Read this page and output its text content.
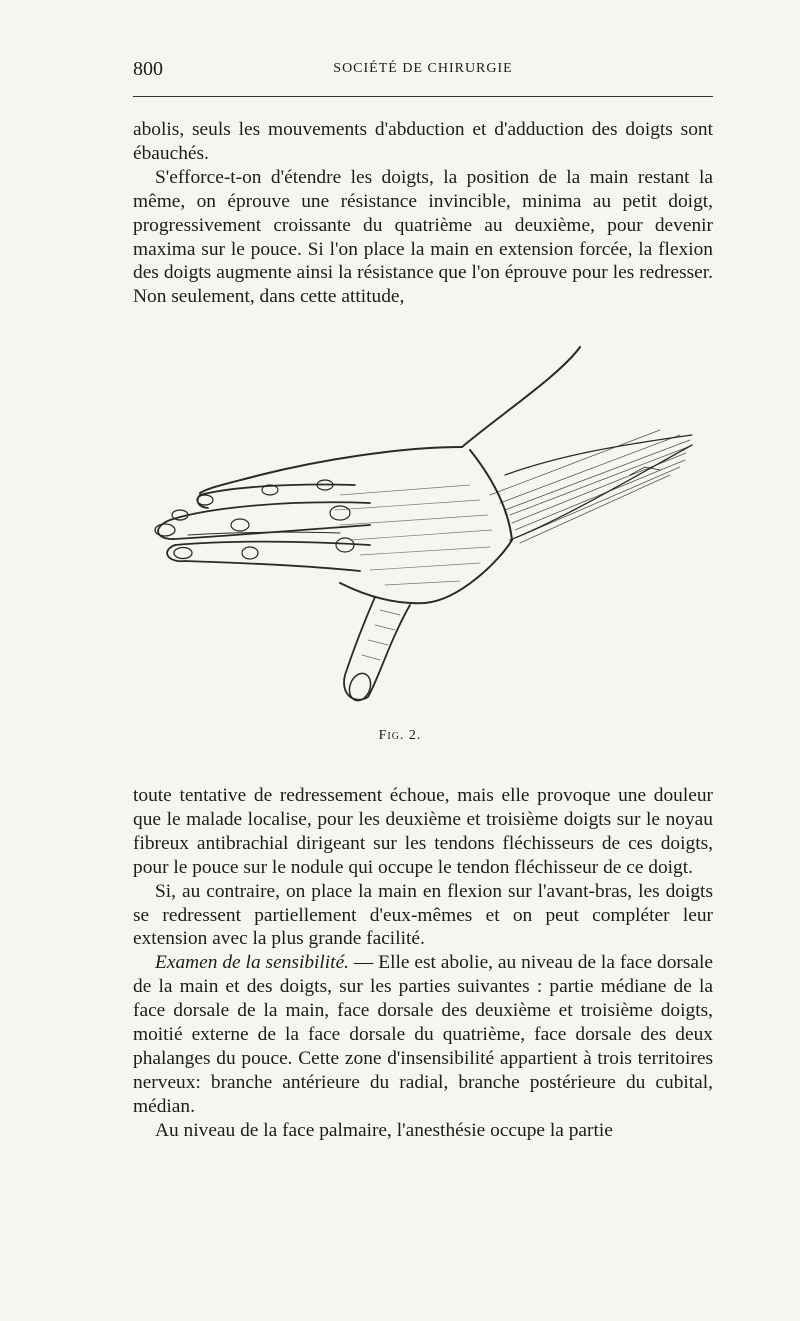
800	SOCIÉTÉ DE CHIRURGIE

abolis, seuls les mouvements d'abduction et d'adduction des doigts sont ébauchés.

S'efforce-t-on d'étendre les doigts, la position de la main restant la même, on éprouve une résistance invincible, minima au petit doigt, progressivement croissante du quatrième au deuxième, pour devenir maxima sur le pouce. Si l'on place la main en extension forcée, la flexion des doigts augmente ainsi la résistance que l'on éprouve pour les redresser. Non seulement, dans cette attitude,

Fig. 2.

toute tentative de redressement échoue, mais elle provoque une douleur que le malade localise, pour les deuxième et troisième doigts sur le noyau fibreux antibrachial dirigeant sur les tendons fléchisseurs de ces doigts, pour le pouce sur le nodule qui occupe le tendon fléchisseur de ce doigt.

Si, au contraire, on place la main en flexion sur l'avant-bras, les doigts se redressent partiellement d'eux-mêmes et on peut compléter leur extension avec la plus grande facilité.

Examen de la sensibilité. — Elle est abolie, au niveau de la face dorsale de la main et des doigts, sur les parties suivantes : partie médiane de la face dorsale de la main, face dorsale des deuxième et troisième doigts, moitié externe de la face dorsale du quatrième, face dorsale des deux phalanges du pouce. Cette zone d'insensibilité appartient à trois territoires nerveux: branche antérieure du radial, branche postérieure du cubital, médian.

Au niveau de la face palmaire, l'anesthésie occupe la partie
